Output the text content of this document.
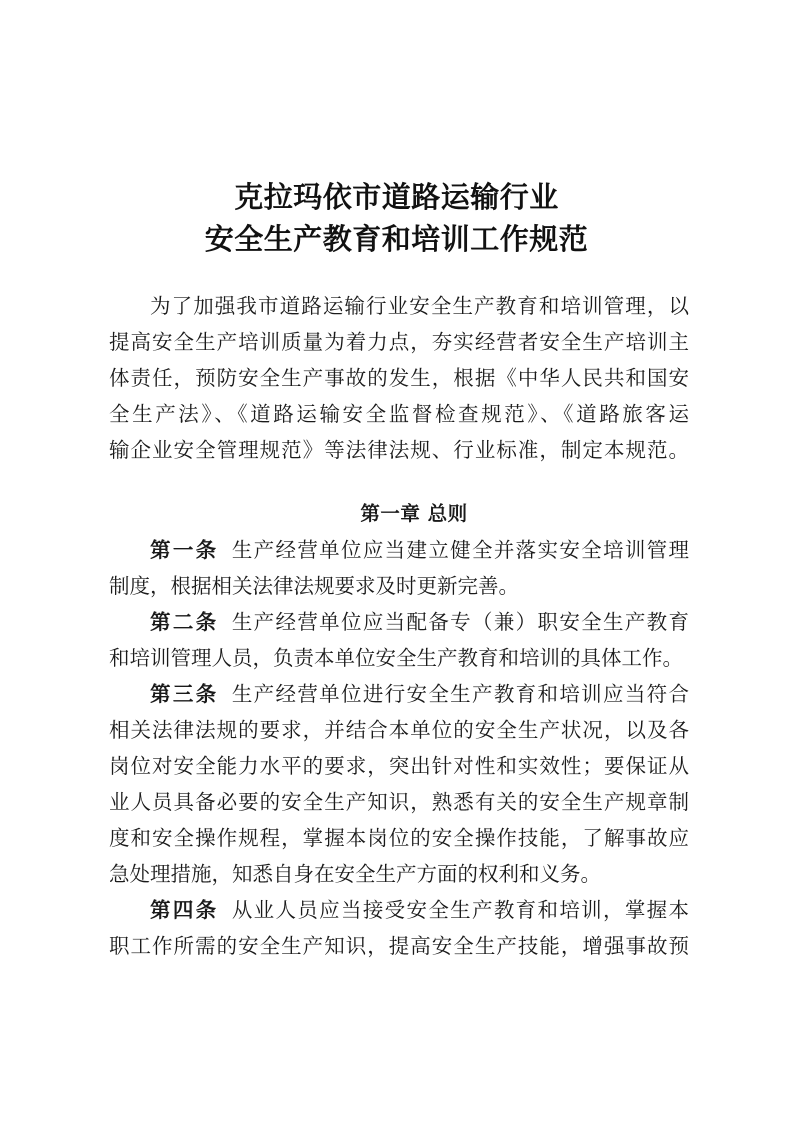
克拉玛依市道路运输行业
安全生产教育和培训工作规范
为了加强我市道路运输行业安全生产教育和培训管理，以
提高安全生产培训质量为着力点，夯实经营者安全生产培训主
体责任，预防安全生产事故的发生，根据《中华人民共和国安
全生产法》、《道路运输安全监督检查规范》、《道路旅客运
输企业安全管理规范》等法律法规、行业标准，制定本规范。
第一章 总则
第一条 生产经营单位应当建立健全并落实安全培训管理
制度，根据相关法律法规要求及时更新完善。
第二条 生产经营单位应当配备专（兼）职安全生产教育
和培训管理人员，负责本单位安全生产教育和培训的具体工作。
第三条 生产经营单位进行安全生产教育和培训应当符合
相关法律法规的要求，并结合本单位的安全生产状况，以及各
岗位对安全能力水平的要求，突出针对性和实效性；要保证从
业人员具备必要的安全生产知识，熟悉有关的安全生产规章制
度和安全操作规程，掌握本岗位的安全操作技能，了解事故应
急处理措施，知悉自身在安全生产方面的权利和义务。
第四条 从业人员应当接受安全生产教育和培训，掌握本
职工作所需的安全生产知识，提高安全生产技能，增强事故预
